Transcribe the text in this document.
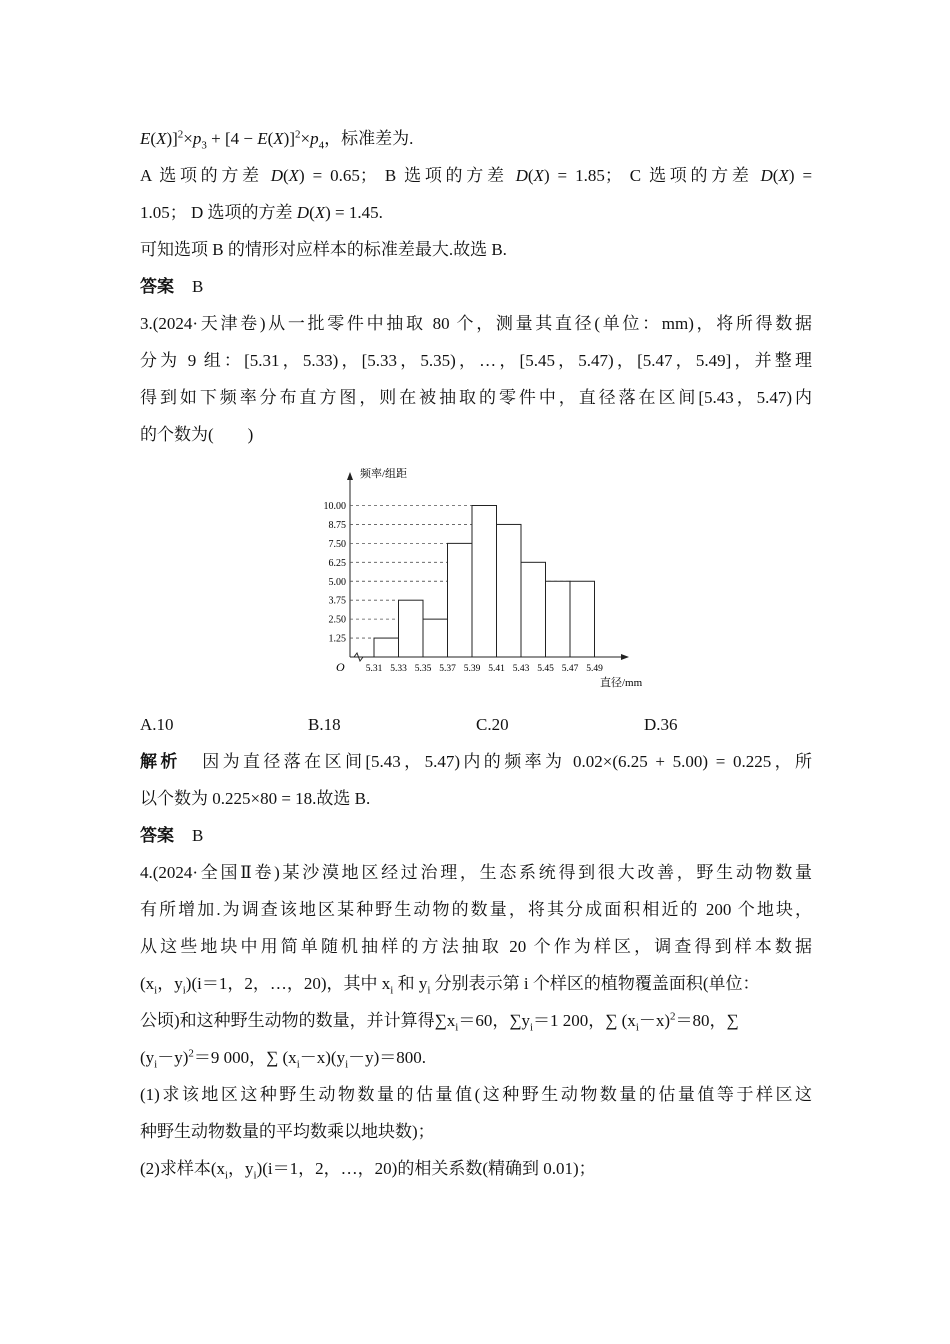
$E(X)]^2\times p_3 + [4 - E(X)]^2\times p_4$，标准差为.
A 选项的方差 D(X) = 0.65； B 选项的方差 D(X) = 1.85； C 选项的方差 D(X) =
1.05； D 选项的方差 D(X) = 1.45.
可知选项 B 的情形对应样本的标准差最大.故选 B.
答案 B
3.(2024·天津卷)从一批零件中抽取 80 个，测量其直径(单位：mm)，将所得数据
分为 9 组：[5.31，5.33)，[5.33，5.35)，…，[5.45，5.47)，[5.47，5.49]，并整理
得到如下频率分布直方图，则在被抽取的零件中，直径落在区间[5.43，5.47)内
的个数为(　　)
O
频率/组距
直径/mm
1.25
2.50
3.75
5.00
6.25
7.50
8.75
10.00
5.31 5.33 5.35 5.37 5.39 5.41 5.43 5.45 5.47 5.49
A.10	B.18	C.20	D.36
解析 因为直径落在区间[5.43，5.47)内的频率为 0.02×(6.25 + 5.00) = 0.225，所
以个数为 0.225×80 = 18.故选 B.
答案 B
4.(2024·全国Ⅱ卷)某沙漠地区经过治理，生态系统得到很大改善，野生动物数量
有所增加.为调查该地区某种野生动物的数量，将其分成面积相近的 200 个地块，
从这些地块中用简单随机抽样的方法抽取 20 个作为样区，调查得到样本数据
($x_i$，$y_i)(i=1$，2，…，20)，其中 $x_i$ 和 $y_i$ 分别表示第 i 个样区的植物覆盖面积(单位：
公顷)和这种野生动物的数量，并计算得$\sum x_i=60$，$\sum y_i=1$ 200，∑ $(x_i-x)^2=80$，∑
$(y_i-y)^2=9$ 000，∑ $(x_i-x)(y_i-y)=800$.
(1)求该地区这种野生动物数量的估量值(这种野生动物数量的估量值等于样区这
种野生动物数量的平均数乘以地块数)；
(2)求样本($x_i$，$y_i)(i=1$，2，…，20)的相关系数(精确到 0.01)；
